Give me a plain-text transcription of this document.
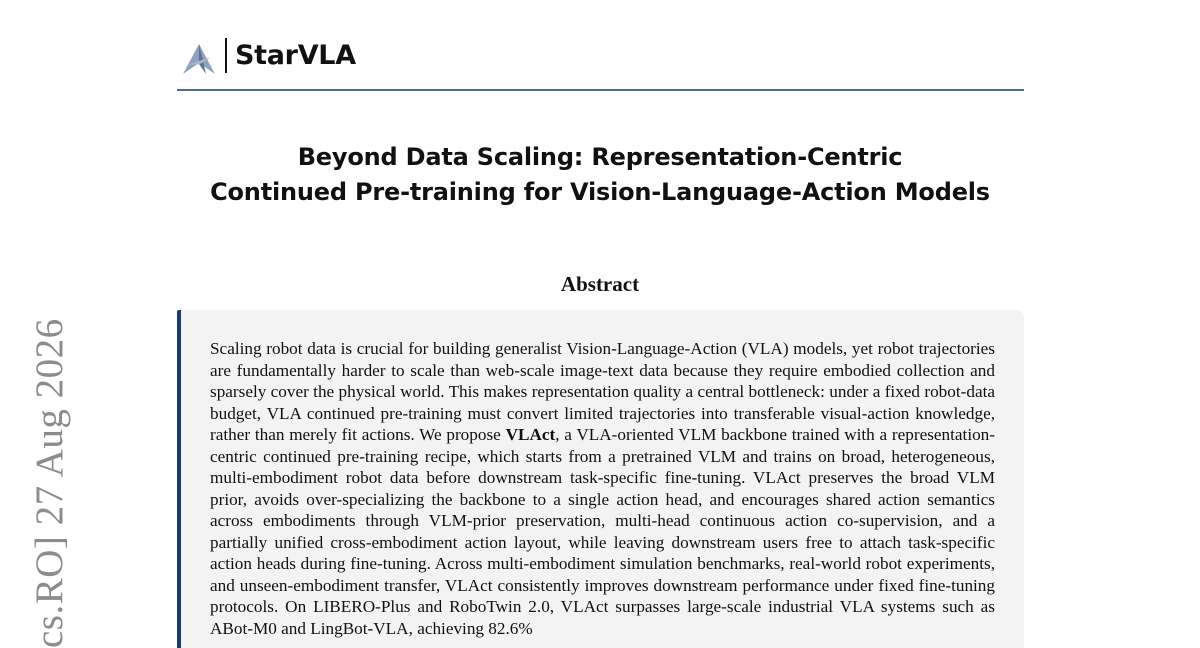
StarVLA
Beyond Data Scaling: Representation-Centric
Continued Pre-training for Vision-Language-Action Models
Abstract
Scaling robot data is crucial for building generalist Vision-Language-Action (VLA) models, yet robot trajectories are fundamentally harder to scale than web-scale image-text data because they require embodied collection and sparsely cover the physical world. This makes representation quality a central bottleneck: under a fixed robot-data budget, VLA continued pre-training must convert limited trajectories into transferable visual-action knowledge, rather than merely fit actions. We propose VLAct, a VLA-oriented VLM backbone trained with a representation-centric continued pre-training recipe, which starts from a pretrained VLM and trains on broad, heterogeneous, multi-embodiment robot data before downstream task-specific fine-tuning. VLAct preserves the broad VLM prior, avoids over-specializing the backbone to a single action head, and encourages shared action semantics across embodiments through VLM-prior preservation, multi-head continuous action co-supervision, and a partially unified cross-embodiment action layout, while leaving downstream users free to attach task-specific action heads during fine-tuning. Across multi-embodiment simulation benchmarks, real-world robot experiments, and unseen-embodiment transfer, VLAct consistently improves downstream performance under fixed fine-tuning protocols. On LIBERO-Plus and RoboTwin 2.0, VLAct surpasses large-scale industrial VLA systems such as ABot-M0 and LingBot-VLA, achieving 82.6%
cs.RO] 27 Aug 2026
